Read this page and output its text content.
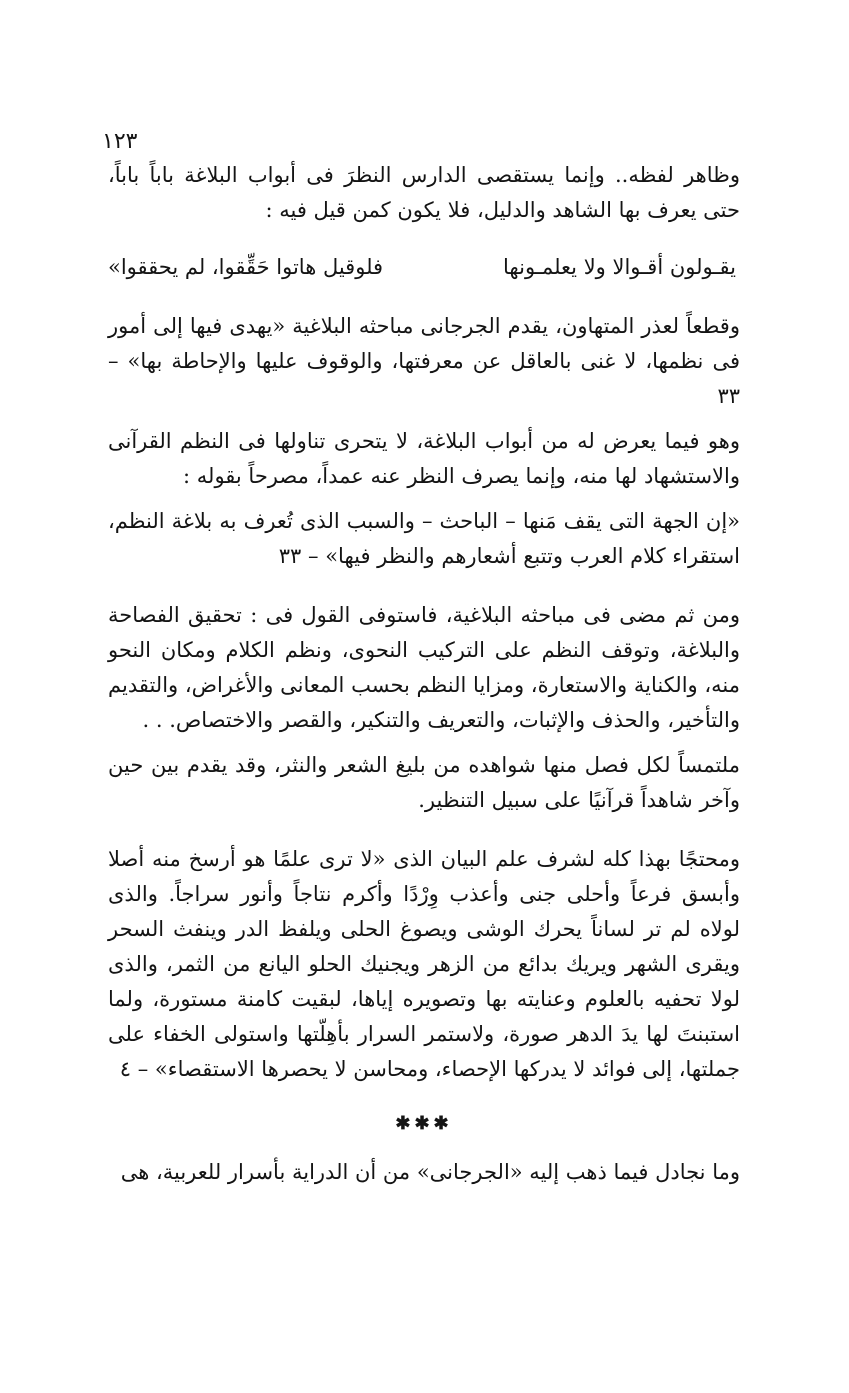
١٢٣

وظاهر لفظه.. وإنما يستقصى الدارس النظرَ فى أبواب البلاغة باباً باباً، حتى يعرف بها الشاهد والدليل، فلا يكون كمن قيل فيه :

يقـولون أقـوالا ولا يعلمـونها
فلوقيل هاتوا حَقِّقوا، لم يحققوا»

وقطعاً لعذر المتهاون، يقدم الجرجانى مباحثه البلاغية «يهدى فيها إلى أمور فى نظمها، لا غنى بالعاقل عن معرفتها، والوقوف عليها والإحاطة بها» – ٣٣

وهو فيما يعرض له من أبواب البلاغة، لا يتحرى تناولها فى النظم القرآنى والاستشهاد لها منه، وإنما يصرف النظر عنه عمداً، مصرحاً بقوله :

«إن الجهة التى يقف مَنها – الباحث – والسبب الذى تُعرف به بلاغة النظم، استقراء كلام العرب وتتبع أشعارهم والنظر فيها» – ٣٣

ومن ثم مضى فى مباحثه البلاغية، فاستوفى القول فى : تحقيق الفصاحة والبلاغة، وتوقف النظم على التركيب النحوى، ونظم الكلام ومكان النحو منه، والكناية والاستعارة، ومزايا النظم بحسب المعانى والأغراض، والتقديم والتأخير، والحذف والإثبات، والتعريف والتنكير، والقصر والاختصاص. . .

ملتمساً لكل فصل منها شواهده من بليغ الشعر والنثر، وقد يقدم بين حين وآخر شاهداً قرآنيًا على سبيل التنظير.

ومحتجًا بهذا كله لشرف علم البيان الذى «لا ترى علمًا هو أرسخ منه أصلا وأبسق فرعاً وأحلى جنى وأعذب وِرْدًا وأكرم نتاجاً وأنور سراجاً. والذى لولاه لم تر لساناً يحرك الوشى ويصوغ الحلى ويلفظ الدر وينفث السحر ويقرى الشهر ويريك بدائع من الزهر ويجنيك الحلو اليانع من الثمر، والذى لولا تحفيه بالعلوم وعنايته بها وتصويره إياها، لبقيت كامنة مستورة، ولما استبنتَ لها يدَ الدهر صورة، ولاستمر السرار بأهِلّتها واستولى الخفاء على جملتها، إلى فوائد لا يدركها الإحصاء، ومحاسن لا يحصرها الاستقصاء» – ٤

✱✱✱

وما نجادل فيما ذهب إليه «الجرجانى» من أن الدراية بأسرار للعربية، هى
